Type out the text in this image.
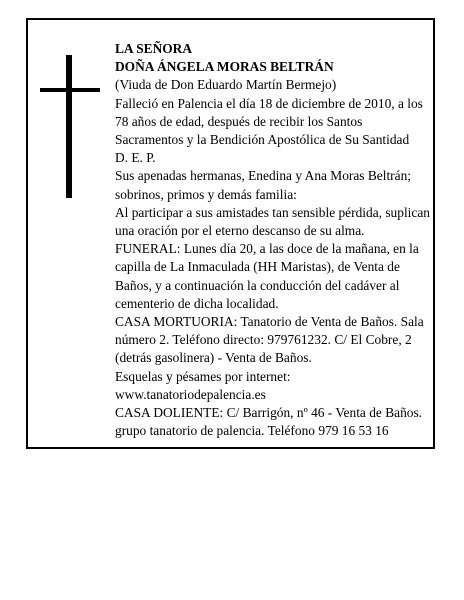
LA SEÑORA

DOÑA ÁNGELA MORAS BELTRÁN

(Viuda de Don Eduardo Martín Bermejo)

Falleció en Palencia el día 18 de diciembre de 2010, a los 78 años de edad, después de recibir los Santos Sacramentos y la Bendición Apostólica de Su Santidad

D. E. P.

Sus apenadas hermanas, Enedina y Ana Moras Beltrán; sobrinos, primos y demás familia:

Al participar a sus amistades tan sensible pérdida, suplican una oración por el eterno descanso de su alma.

FUNERAL: Lunes día 20, a las doce de la mañana, en la capilla de La Inmaculada (HH Maristas), de Venta de Baños, y a continuación la conducción del cadáver al cementerio de dicha localidad.

CASA MORTUORIA: Tanatorio de Venta de Baños. Sala número 2. Teléfono directo: 979761232. C/ El Cobre, 2 (detrás gasolinera) - Venta de Baños.

Esquelas y pésames por internet:

www.tanatoriodepalencia.es

CASA DOLIENTE: C/ Barrigón, nº 46 - Venta de Baños.

grupo tanatorio de palencia. Teléfono 979 16 53 16
